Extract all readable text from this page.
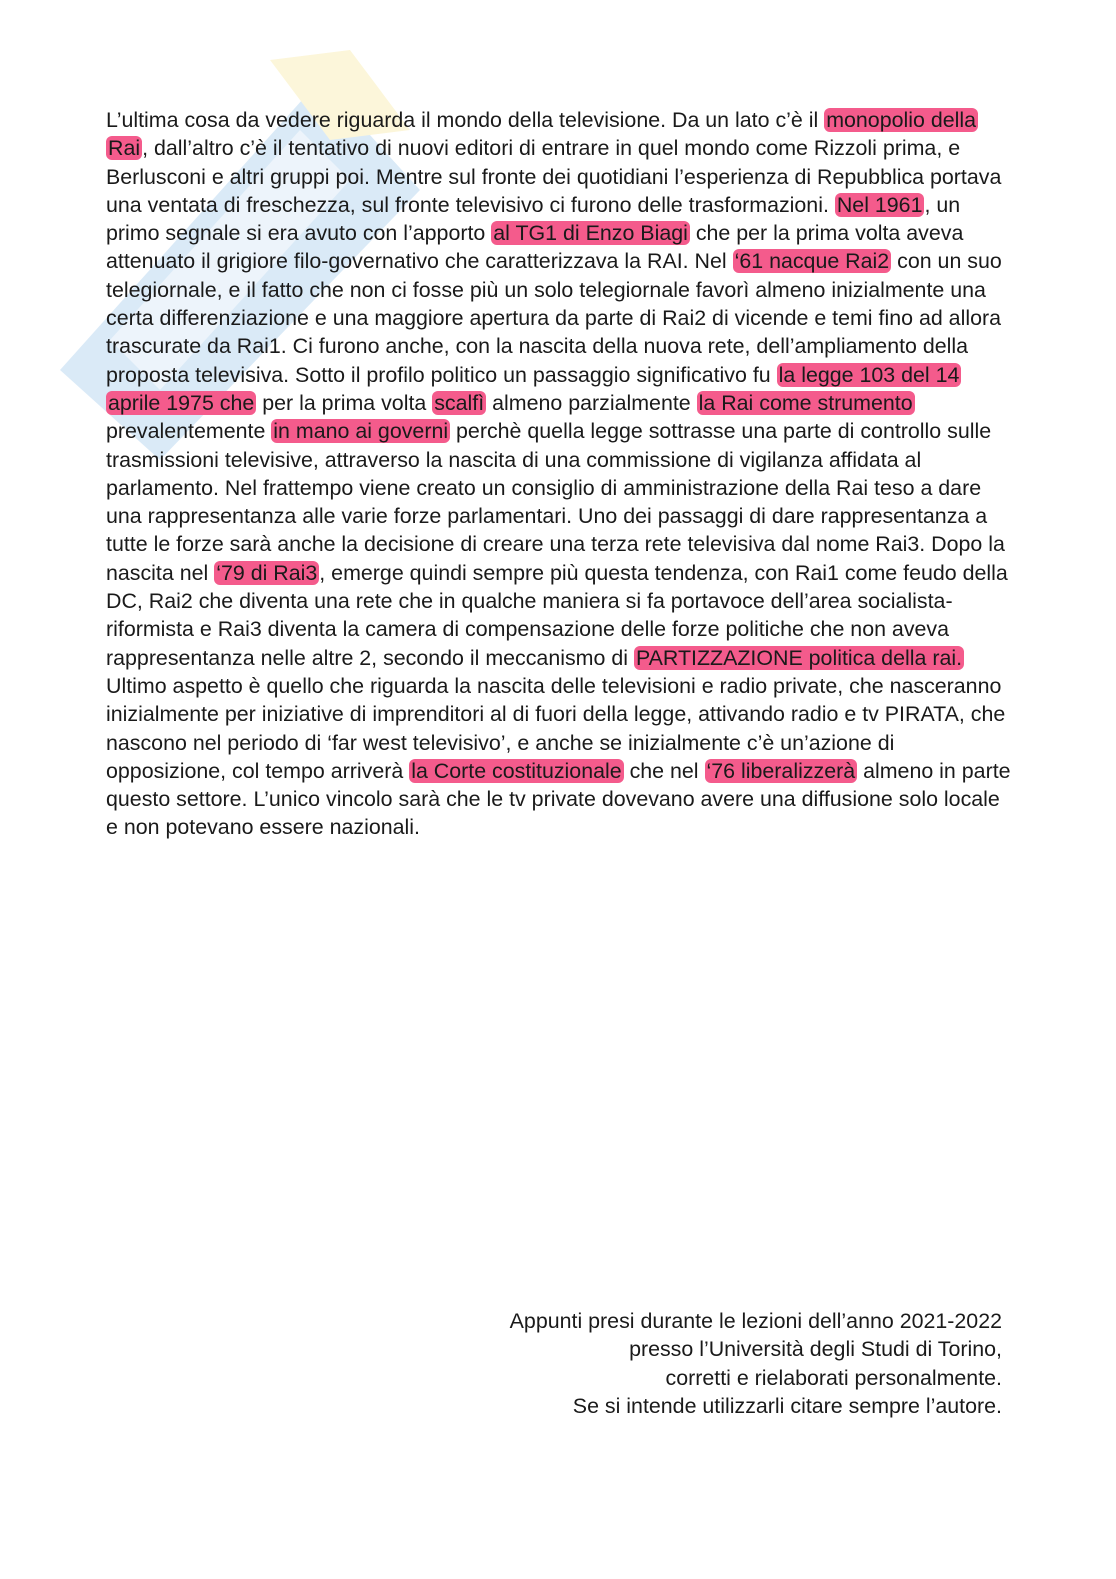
L’ultima cosa da vedere riguarda il mondo della televisione. Da un lato c’è il monopolio della Rai, dall’altro c’è il tentativo di nuovi editori di entrare in quel mondo come Rizzoli prima, e Berlusconi e altri gruppi poi. Mentre sul fronte dei quotidiani l’esperienza di Repubblica portava una ventata di freschezza, sul fronte televisivo ci furono delle trasformazioni. Nel 1961, un primo segnale si era avuto con l’apporto al TG1 di Enzo Biagi che per la prima volta aveva attenuato il grigiore filo-governativo che caratterizzava la RAI. Nel ‘61 nacque Rai2 con un suo telegiornale, e il fatto che non ci fosse più un solo telegiornale favorì almeno inizialmente una certa differenziazione e una maggiore apertura da parte di Rai2 di vicende e temi fino ad allora trascurate da Rai1. Ci furono anche, con la nascita della nuova rete, dell’ampliamento della proposta televisiva. Sotto il profilo politico un passaggio significativo fu la legge 103 del 14 aprile 1975 che per la prima volta scalfì almeno parzialmente la Rai come strumento prevalentemente in mano ai governi perchè quella legge sottrasse una parte di controllo sulle trasmissioni televisive, attraverso la nascita di una commissione di vigilanza affidata al parlamento. Nel frattempo viene creato un consiglio di amministrazione della Rai teso a dare una rappresentanza alle varie forze parlamentari. Uno dei passaggi di dare rappresentanza a tutte le forze sarà anche la decisione di creare una terza rete televisiva dal nome Rai3. Dopo la nascita nel ‘79 di Rai3, emerge quindi sempre più questa tendenza, con Rai1 come feudo della DC, Rai2 che diventa una rete che in qualche maniera si fa portavoce dell’area socialista-riformista e Rai3 diventa la camera di compensazione delle forze politiche che non aveva rappresentanza nelle altre 2, secondo il meccanismo di PARTIZZAZIONE politica della rai.

Ultimo aspetto è quello che riguarda la nascita delle televisioni e radio private, che nasceranno inizialmente per iniziative di imprenditori al di fuori della legge, attivando radio e tv PIRATA, che nascono nel periodo di ‘far west televisivo’, e anche se inizialmente c’è un’azione di opposizione, col tempo arriverà la Corte costituzionale che nel ‘76 liberalizzerà almeno in parte questo settore. L’unico vincolo sarà che le tv private dovevano avere una diffusione solo locale e non potevano essere nazionali.

Appunti presi durante le lezioni dell’anno 2021-2022
presso l’Università degli Studi di Torino,
corretti e rielaborati personalmente.
Se si intende utilizzarli citare sempre l’autore.
